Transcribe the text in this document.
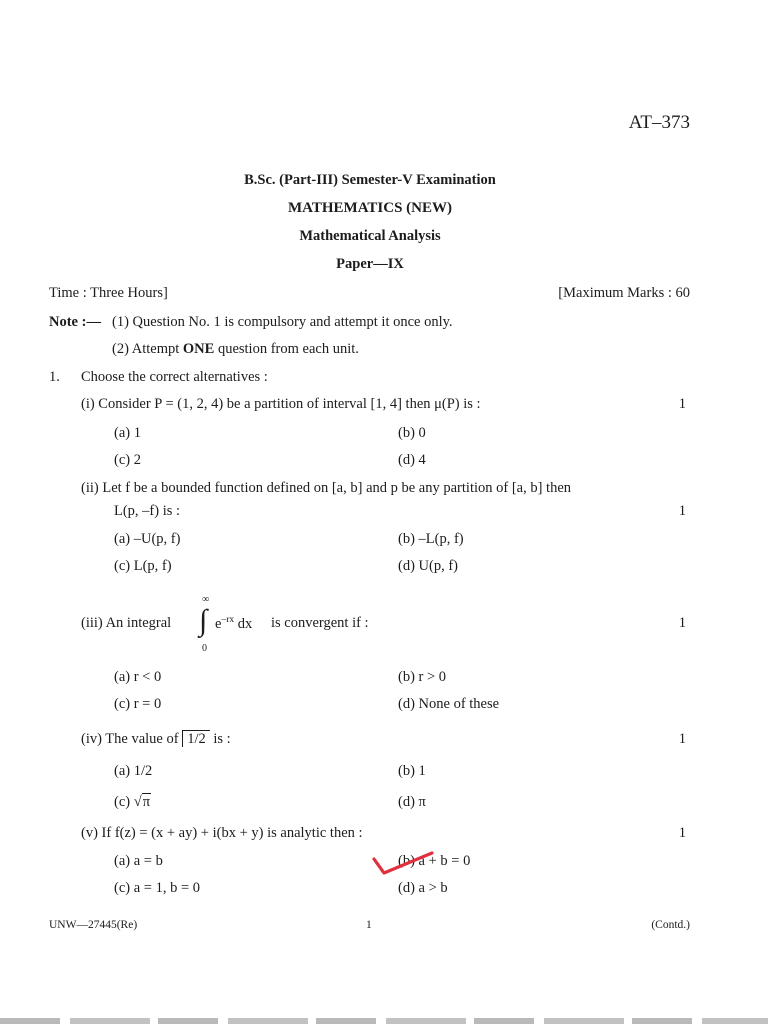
AT–373
B.Sc. (Part-III) Semester-V Examination
MATHEMATICS (NEW)
Mathematical Analysis
Paper—IX
Time : Three Hours]	[Maximum Marks : 60
Note :— (1) Question No. 1 is compulsory and attempt it once only.
(2) Attempt ONE question from each unit.
1. Choose the correct alternatives :
(i) Consider P = (1, 2, 4) be a partition of interval [1, 4] then μ(P) is :	1
(a) 1	(b) 0
(c) 2	(d) 4
(ii) Let f be a bounded function defined on [a, b] and p be any partition of [a, b] then
L(p, –f) is :	1
(a) –U(p, f)	(b) –L(p, f)
(c) L(p, f)	(d) U(p, f)
(iii) An integral
∞
∫
0
$e^{-rx}$ dx is convergent if :	1
(a) r < 0	(b) r > 0
(c) r = 0	(d) None of these
(iv) The value of 1/2 is :	1
(a) 1/2	(b) 1
(c) √π	(d) π
(v) If f(z) = (x + ay) + i(bx + y) is analytic then :	1
(a) a = b	(b) a + b = 0
(c) a = 1, b = 0	(d) a > b
UNW—27445(Re)	1	(Contd.)
